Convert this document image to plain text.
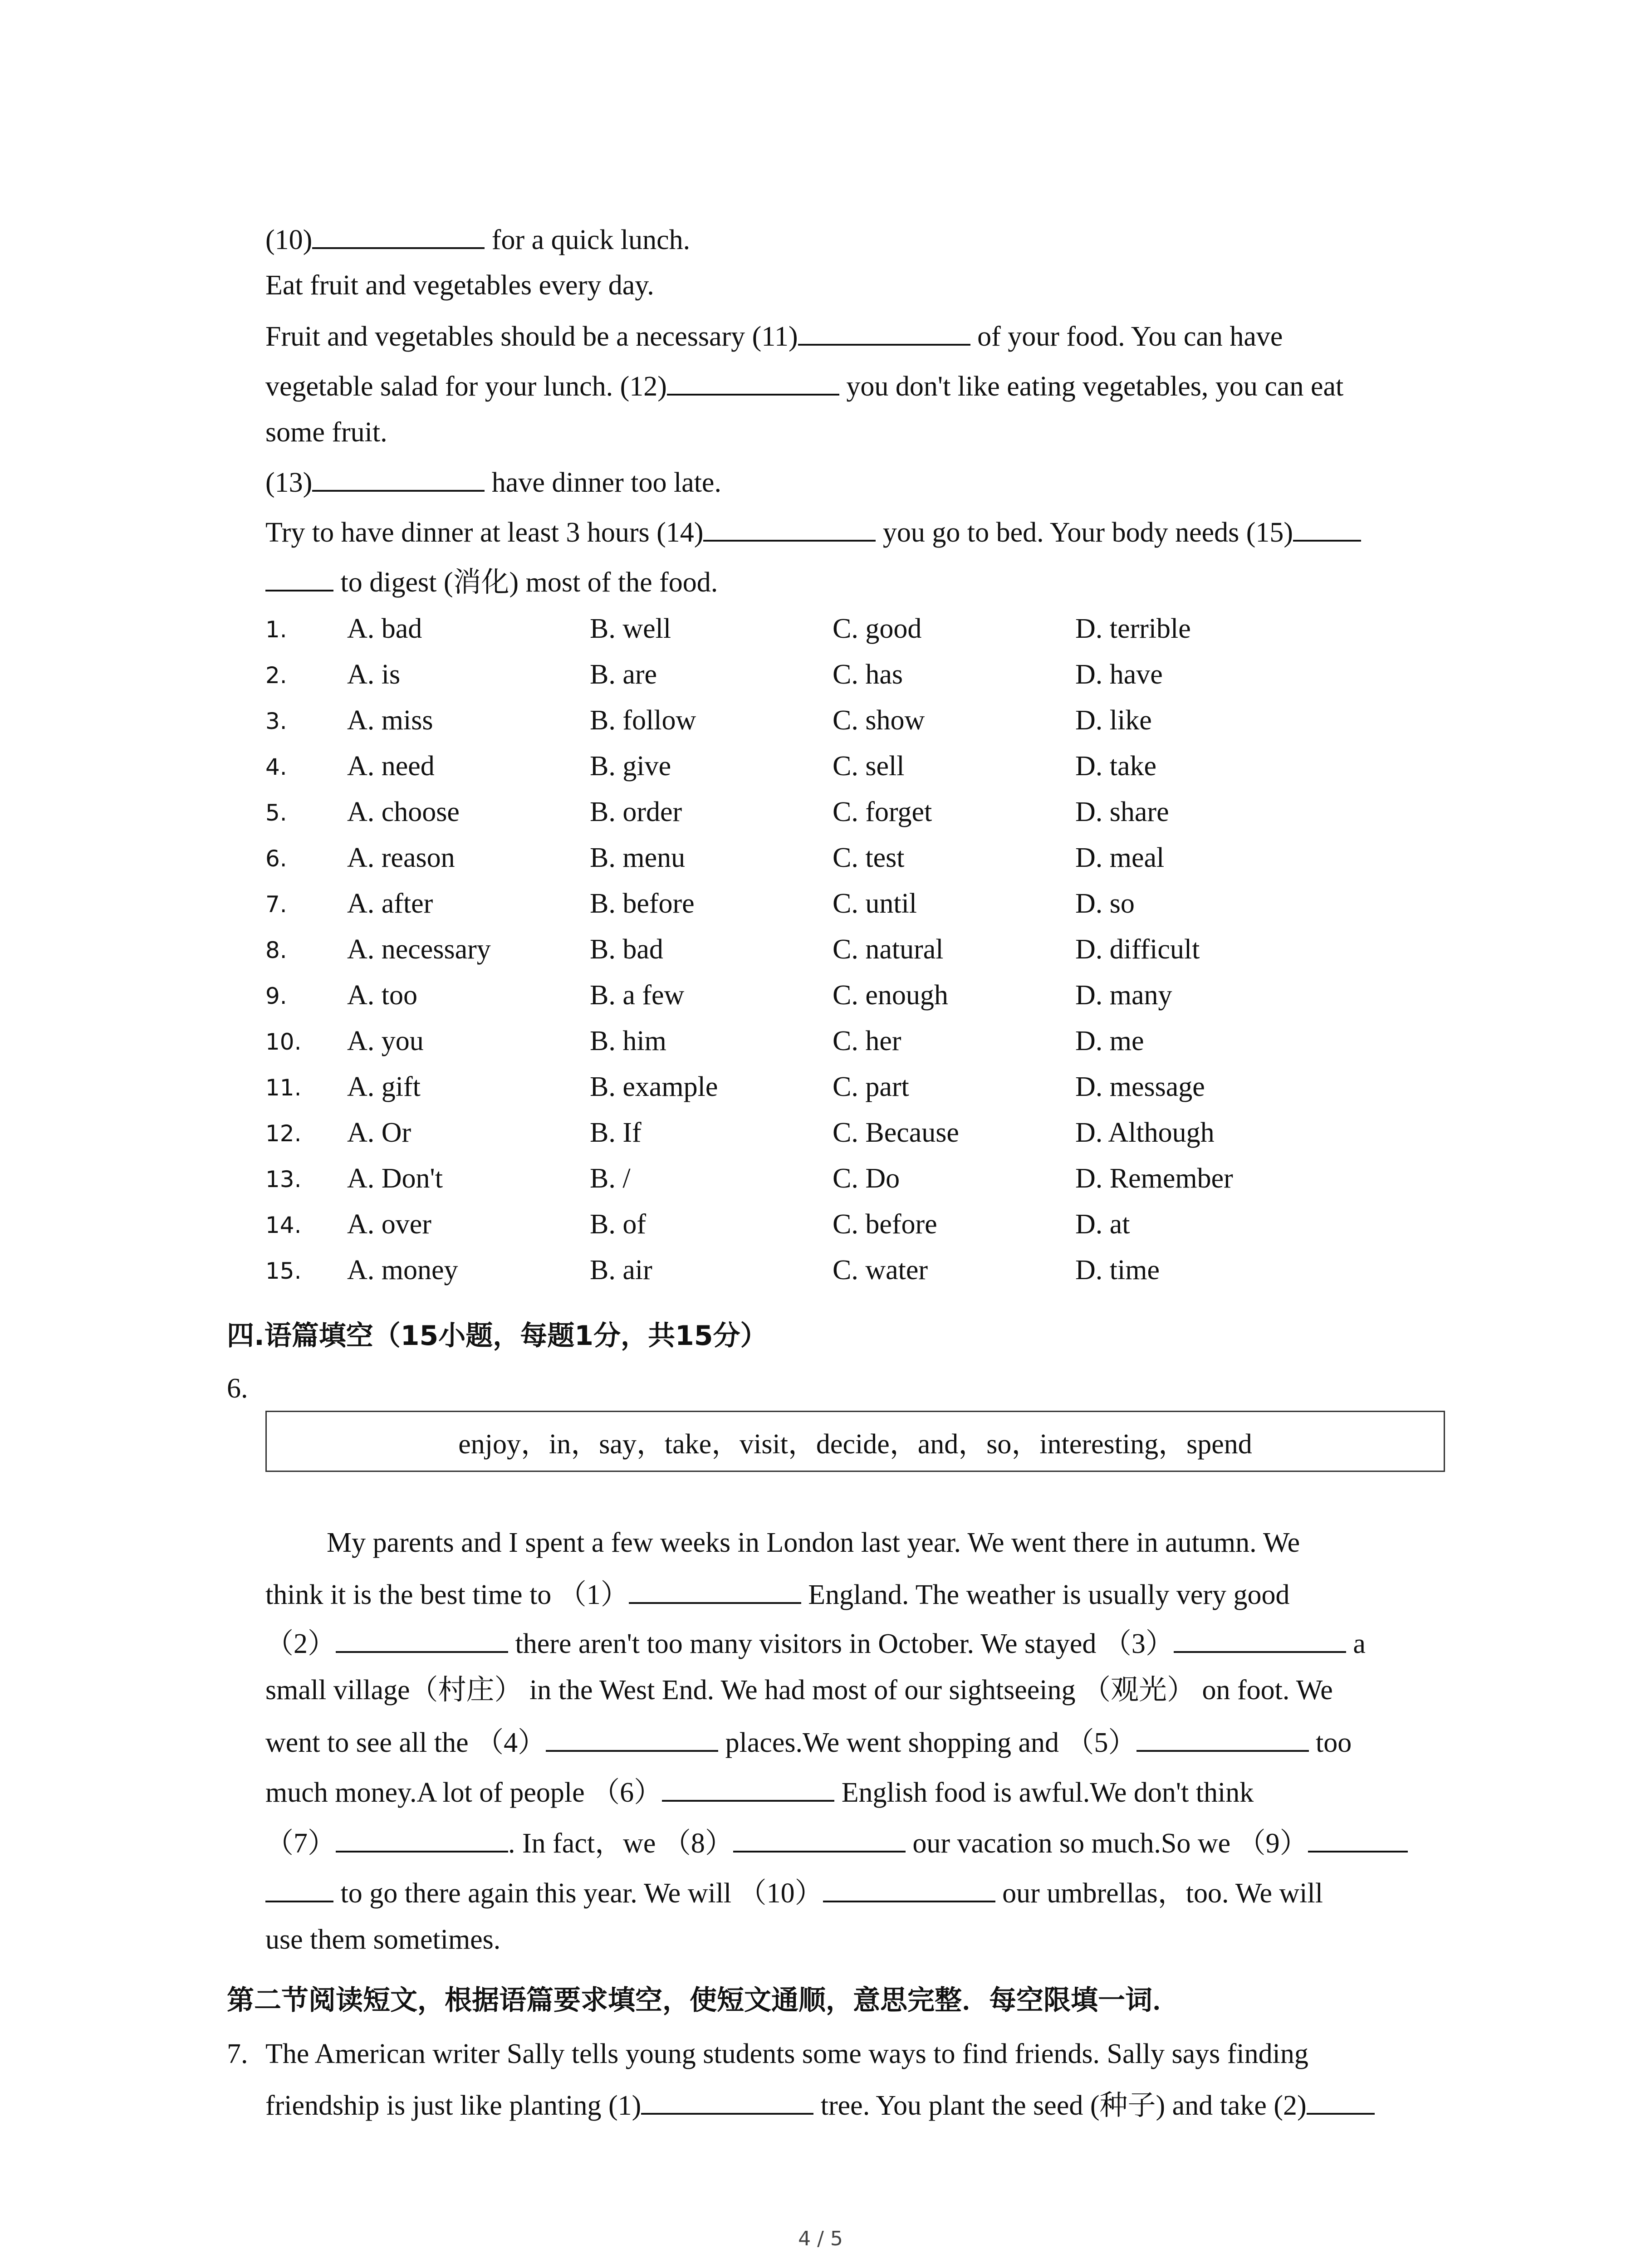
(10)	for a quick lunch.
Eat fruit and vegetables every day.
Fruit and vegetables should be a necessary (11)	of your food. You can have
vegetable salad for your lunch. (12)	you don't like eating vegetables, you can eat
some fruit.
(13)	have dinner too late.
Try to have dinner at least 3 hours (14)	you go to bed. Your body needs (15)
to digest (消化) most of the food.
1. A. bad	B. well	C. good	D. terrible
2. A. is	B. are	C. has	D. have
3. A. miss	B. follow	C. show	D. like
4. A. need	B. give	C. sell	D. take
5. A. choose	B. order	C. forget	D. share
6. A. reason	B. menu	C. test	D. meal
7. A. after	B. before	C. until	D. so
8. A. necessary	B. bad	C. natural	D. difficult
9. A. too	B. a few	C. enough	D. many
10. A. you	B. him	C. her	D. me
11. A. gift	B. example	C. part	D. message
12. A. Or	B. If	C. Because	D. Although
13. A. Don't	B. /	C. Do	D. Remember
14. A. over	B. of	C. before	D. at
15. A. money	B. air	C. water	D. time
四.语篇填空（15小题，每题1分，共15分）
6.
enjoy，in，say，take，visit，decide，and，so，interesting，spend
My parents and I spent a few weeks in London last year. We went there in autumn. We
think it is the best time to （1）	England. The weather is usually very good
（2）	there aren't too many visitors in October. We stayed （3）	a
small village（村庄） in the West End. We had most of our sightseeing （观光） on foot. We
went to see all the （4）	places.We went shopping and （5）	too
much money.A lot of people （6）	English food is awful.We don't think
（7）	. In fact，we （8）	our vacation so much.So we （9）
to go there again this year. We will （10）	our umbrellas，too. We will
use them sometimes.
第二节阅读短文，根据语篇要求填空，使短文通顺，意思完整．每空限填一词．
7. The American writer Sally tells young students some ways to find friends. Sally says finding
friendship is just like planting (1)	tree. You plant the seed (种子) and take (2)
4 / 5
